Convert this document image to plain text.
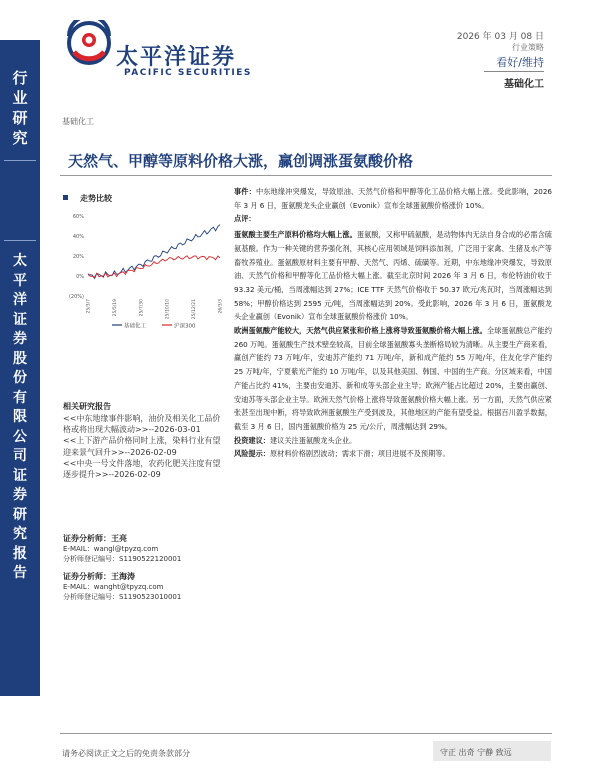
行
业
研
究
太
平
洋
证
券
股
份
有
限
公
司
证
券
研
究
报
告
太平洋证券
PACIFIC SECURITIES
2026 年 03 月 08 日
行业策略
看好/维持
基础化工
基础化工
天然气、甲醇等原料价格大涨，赢创调涨蛋氨酸价格
走势比较
60%
40%
20%
0%
(20%)
25/3/7	25/5/19	25/7/30	25/10/10	25/12/21	26/3/3
基础化工	沪深300
相关研究报告

<<中东地缘事件影响，油价及相关化工品价格或将出现大幅波动>>--2026-03-01

<<上下游产品价格同时上涨，染料行业有望迎来景气回升>>--2026-02-09

<<中央一号文件落地，农药化肥关注度有望逐步提升>>--2026-02-09

证券分析师：王亮
E-MAIL：wangl@tpyzq.com
分析师登记编号：S1190522120001
证券分析师：王海涛
E-MAIL：wanght@tpyzq.com
分析师登记编号：S1190523010001

事件：中东地缘冲突爆发，导致原油、天然气价格和甲醇等化工品价格大幅上涨。受此影响，2026 年 3 月 6 日，蛋氨酸龙头企业赢创（Evonik）宣布全球蛋氨酸价格涨价 10%。

点评：

蛋氨酸主要生产原料价格均大幅上涨。蛋氨酸，又称甲硫氨酸，是动物体内无法自身合成的必需含硫氨基酸。作为一种关键的营养强化剂，其核心应用领域是饲料添加剂，广泛用于家禽、生猪及水产等畜牧养殖业。蛋氨酸原材料主要有甲醇、天然气、丙烯、硫磺等。近期，中东地缘冲突爆发，导致原油、天然气价格和甲醇等化工品价格大幅上涨。截至北京时间 2026 年 3 月 6 日，布伦特油价收于 93.32 美元/桶，当周涨幅达到 27%；ICE TTF 天然气价格收于 50.37 欧元/兆瓦时，当周涨幅达到 58%；甲醇价格达到 2595 元/吨，当周涨幅达到 20%。受此影响，2026 年 3 月 6 日，蛋氨酸龙头企业赢创（Evonik）宣布全球蛋氨酸价格涨价 10%。

欧洲蛋氨酸产能较大，天然气供应紧张和价格上涨将导致蛋氨酸价格大幅上涨。全球蛋氨酸总产能约 260 万吨。蛋氨酸生产技术壁垒较高，目前全球蛋氨酸寡头垄断格局较为清晰。从主要生产商来看，赢创产能约 73 万吨/年，安迪苏产能约 71 万吨/年，新和成产能约 55 万吨/年，住友化学产能约 25 万吨/年，宁夏紫光产能约 10 万吨/年，以及其他美国、韩国、中国的生产商。分区域来看，中国产能占比约 41%，主要由安迪苏、新和成等头部企业主导；欧洲产能占比超过 20%，主要由赢创、安迪苏等头部企业主导。欧洲天然气价格上涨将导致蛋氨酸价格大幅上涨。另一方面，天然气供应紧张甚至出现中断，将导致欧洲蛋氨酸生产受到波及，其他地区的产能有望受益。根据百川盈孚数据，截至 3 月 6 日，国内蛋氨酸价格为 25 元/公斤，周涨幅达到 29%。

投资建议：建议关注蛋氨酸龙头企业。

风险提示：原材料价格剧烈波动；需求下滑；项目进展不及预期等。

请务必阅读正文之后的免责条款部分	守正 出奇 宁静 致远
